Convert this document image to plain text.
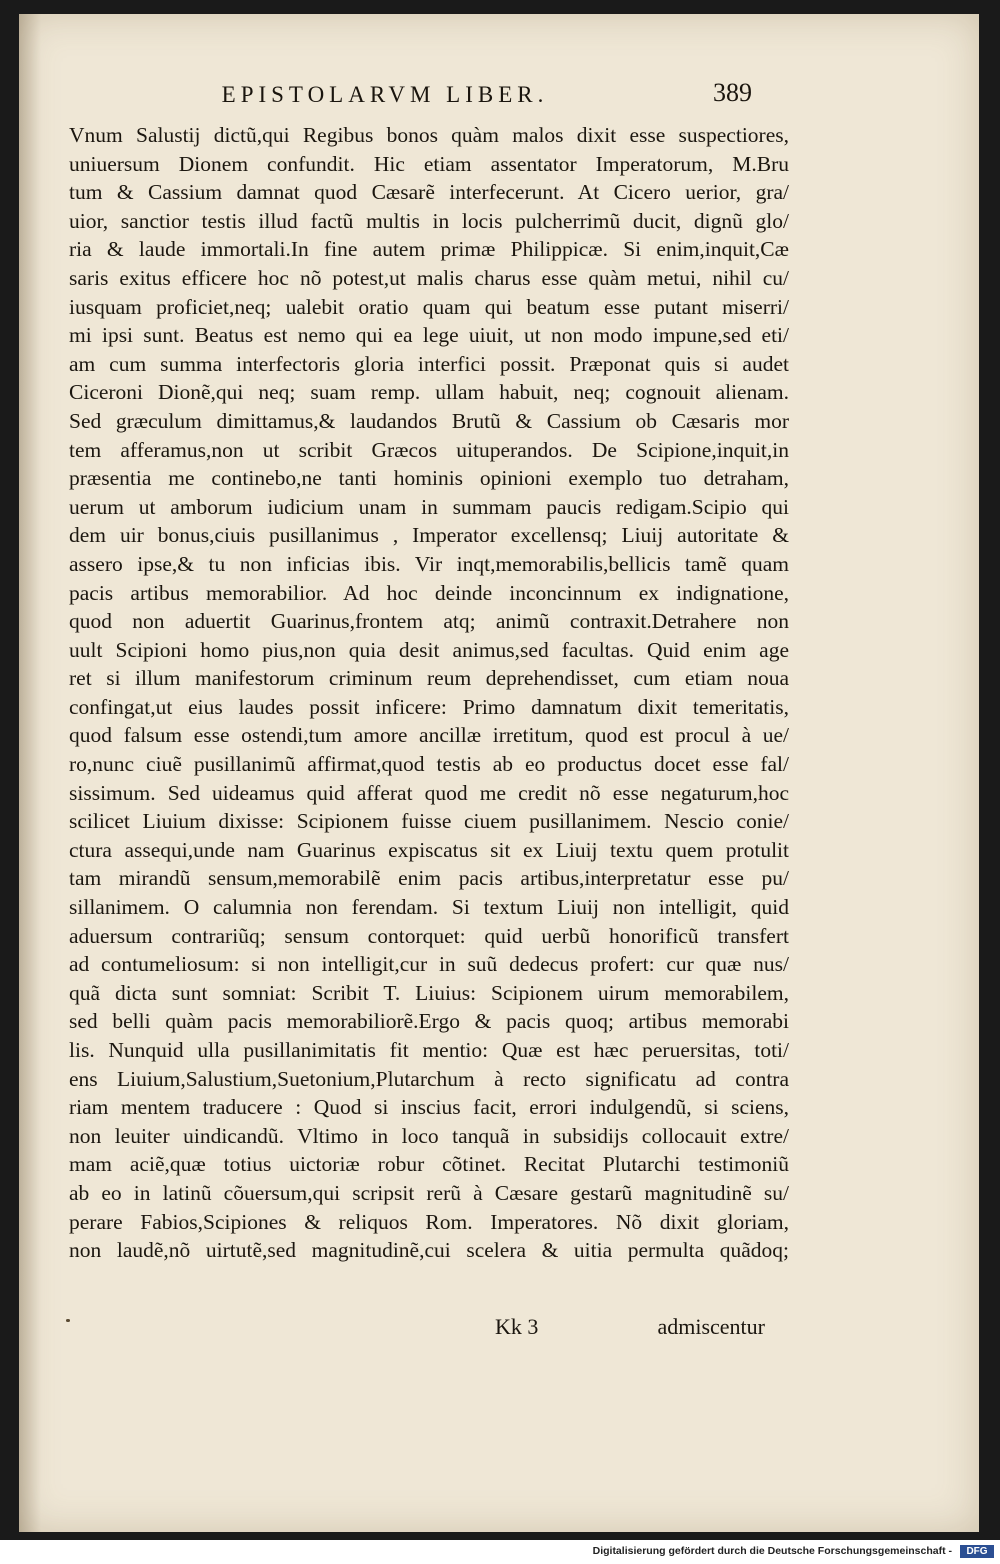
EPISTOLARVM LIBER.	389
Vnum Salustij dictũ,qui Regibus bonos quàm malos dixit esse suspectiores,
uniuersum Dionem confundit. Hic etiam assentator Imperatorum, M.Bru
tum & Cassium damnat quod Cæsarẽ interfecerunt. At Cicero uerior, gra/
uior, sanctior testis illud factũ multis in locis pulcherrimũ ducit, dignũ glo/
ria & laude immortali.In fine autem primæ Philippicæ. Si enim,inquit,Cæ
saris exitus efficere hoc nõ potest,ut malis charus esse quàm metui, nihil cu/
iusquam proficiet,neq; ualebit oratio quam qui beatum esse putant miserri/
mi ipsi sunt. Beatus est nemo qui ea lege uiuit, ut non modo impune,sed eti/
am cum summa interfectoris gloria interfici possit. Præponat quis si audet
Ciceroni Dionẽ,qui neq; suam remp. ullam habuit, neq; cognouit alienam.
Sed græculum dimittamus,& laudandos Brutũ & Cassium ob Cæsaris mor
tem afferamus,non ut scribit Græcos uituperandos. De Scipione,inquit,in
præsentia me continebo,ne tanti hominis opinioni exemplo tuo detraham,
uerum ut amborum iudicium unam in summam paucis redigam.Scipio qui
dem uir bonus,ciuis pusillanimus , Imperator excellensq; Liuij autoritate &
assero ipse,& tu non inficias ibis. Vir inqt,memorabilis,bellicis tamẽ quam
pacis artibus memorabilior. Ad hoc deinde inconcinnum ex indignatione,
quod non aduertit Guarinus,frontem atq; animũ contraxit.Detrahere non
uult Scipioni homo pius,non quia desit animus,sed facultas. Quid enim age
ret si illum manifestorum criminum reum deprehendisset, cum etiam noua
confingat,ut eius laudes possit inficere: Primo damnatum dixit temeritatis,
quod falsum esse ostendi,tum amore ancillæ irretitum, quod est procul à ue/
ro,nunc ciuẽ pusillanimũ affirmat,quod testis ab eo productus docet esse fal/
sissimum. Sed uideamus quid afferat quod me credit nõ esse negaturum,hoc
scilicet Liuium dixisse: Scipionem fuisse ciuem pusillanimem. Nescio conie/
ctura assequi,unde nam Guarinus expiscatus sit ex Liuij textu quem protulit
tam mirandũ sensum,memorabilẽ enim pacis artibus,interpretatur esse pu/
sillanimem. O calumnia non ferendam. Si textum Liuij non intelligit, quid
aduersum contrariũq; sensum contorquet: quid uerbũ honorificũ transfert
ad contumeliosum: si non intelligit,cur in suũ dedecus profert: cur quæ nus/
quã dicta sunt somniat: Scribit T. Liuius: Scipionem uirum memorabilem,
sed belli quàm pacis memorabiliorẽ.Ergo & pacis quoq; artibus memorabi
lis. Nunquid ulla pusillanimitatis fit mentio: Quæ est hæc peruersitas, toti/
ens Liuium,Salustium,Suetonium,Plutarchum à recto significatu ad contra
riam mentem traducere : Quod si inscius facit, errori indulgendũ, si sciens,
non leuiter uindicandũ. Vltimo in loco tanquã in subsidijs collocauit extre/
mam aciẽ,quæ totius uictoriæ robur cõtinet. Recitat Plutarchi testimoniũ
ab eo in latinũ cõuersum,qui scripsit rerũ à Cæsare gestarũ magnitudinẽ su/
perare Fabios,Scipiones & reliquos Rom. Imperatores. Nõ dixit gloriam,
non laudẽ,nõ uirtutẽ,sed magnitudinẽ,cui scelera & uitia permulta quãdoq;
Kk 3	admiscentur
Digitalisierung gefördert durch die Deutsche Forschungsgemeinschaft -	DFG
